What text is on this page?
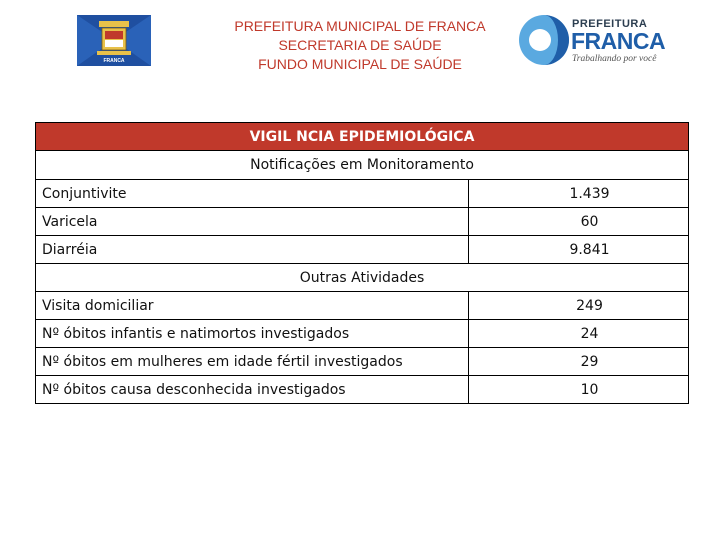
FRANCA
PREFEITURA MUNICIPAL DE FRANCA
SECRETARIA DE SAÚDE
FUNDO MUNICIPAL DE SAÚDE
PREFEITURA
FRANCA
Trabalhando por você
VIGIL NCIA EPIDEMIOLÓGICA	
Notificações em Monitoramento	
Conjuntivite	1.439
Varicela	60
Diarréia	9.841
Outras Atividades	
Visita domiciliar	249
Nº óbitos infantis e natimortos investigados	24
Nº óbitos em mulheres em idade fértil investigados	29
Nº óbitos causa desconhecida investigados	10
